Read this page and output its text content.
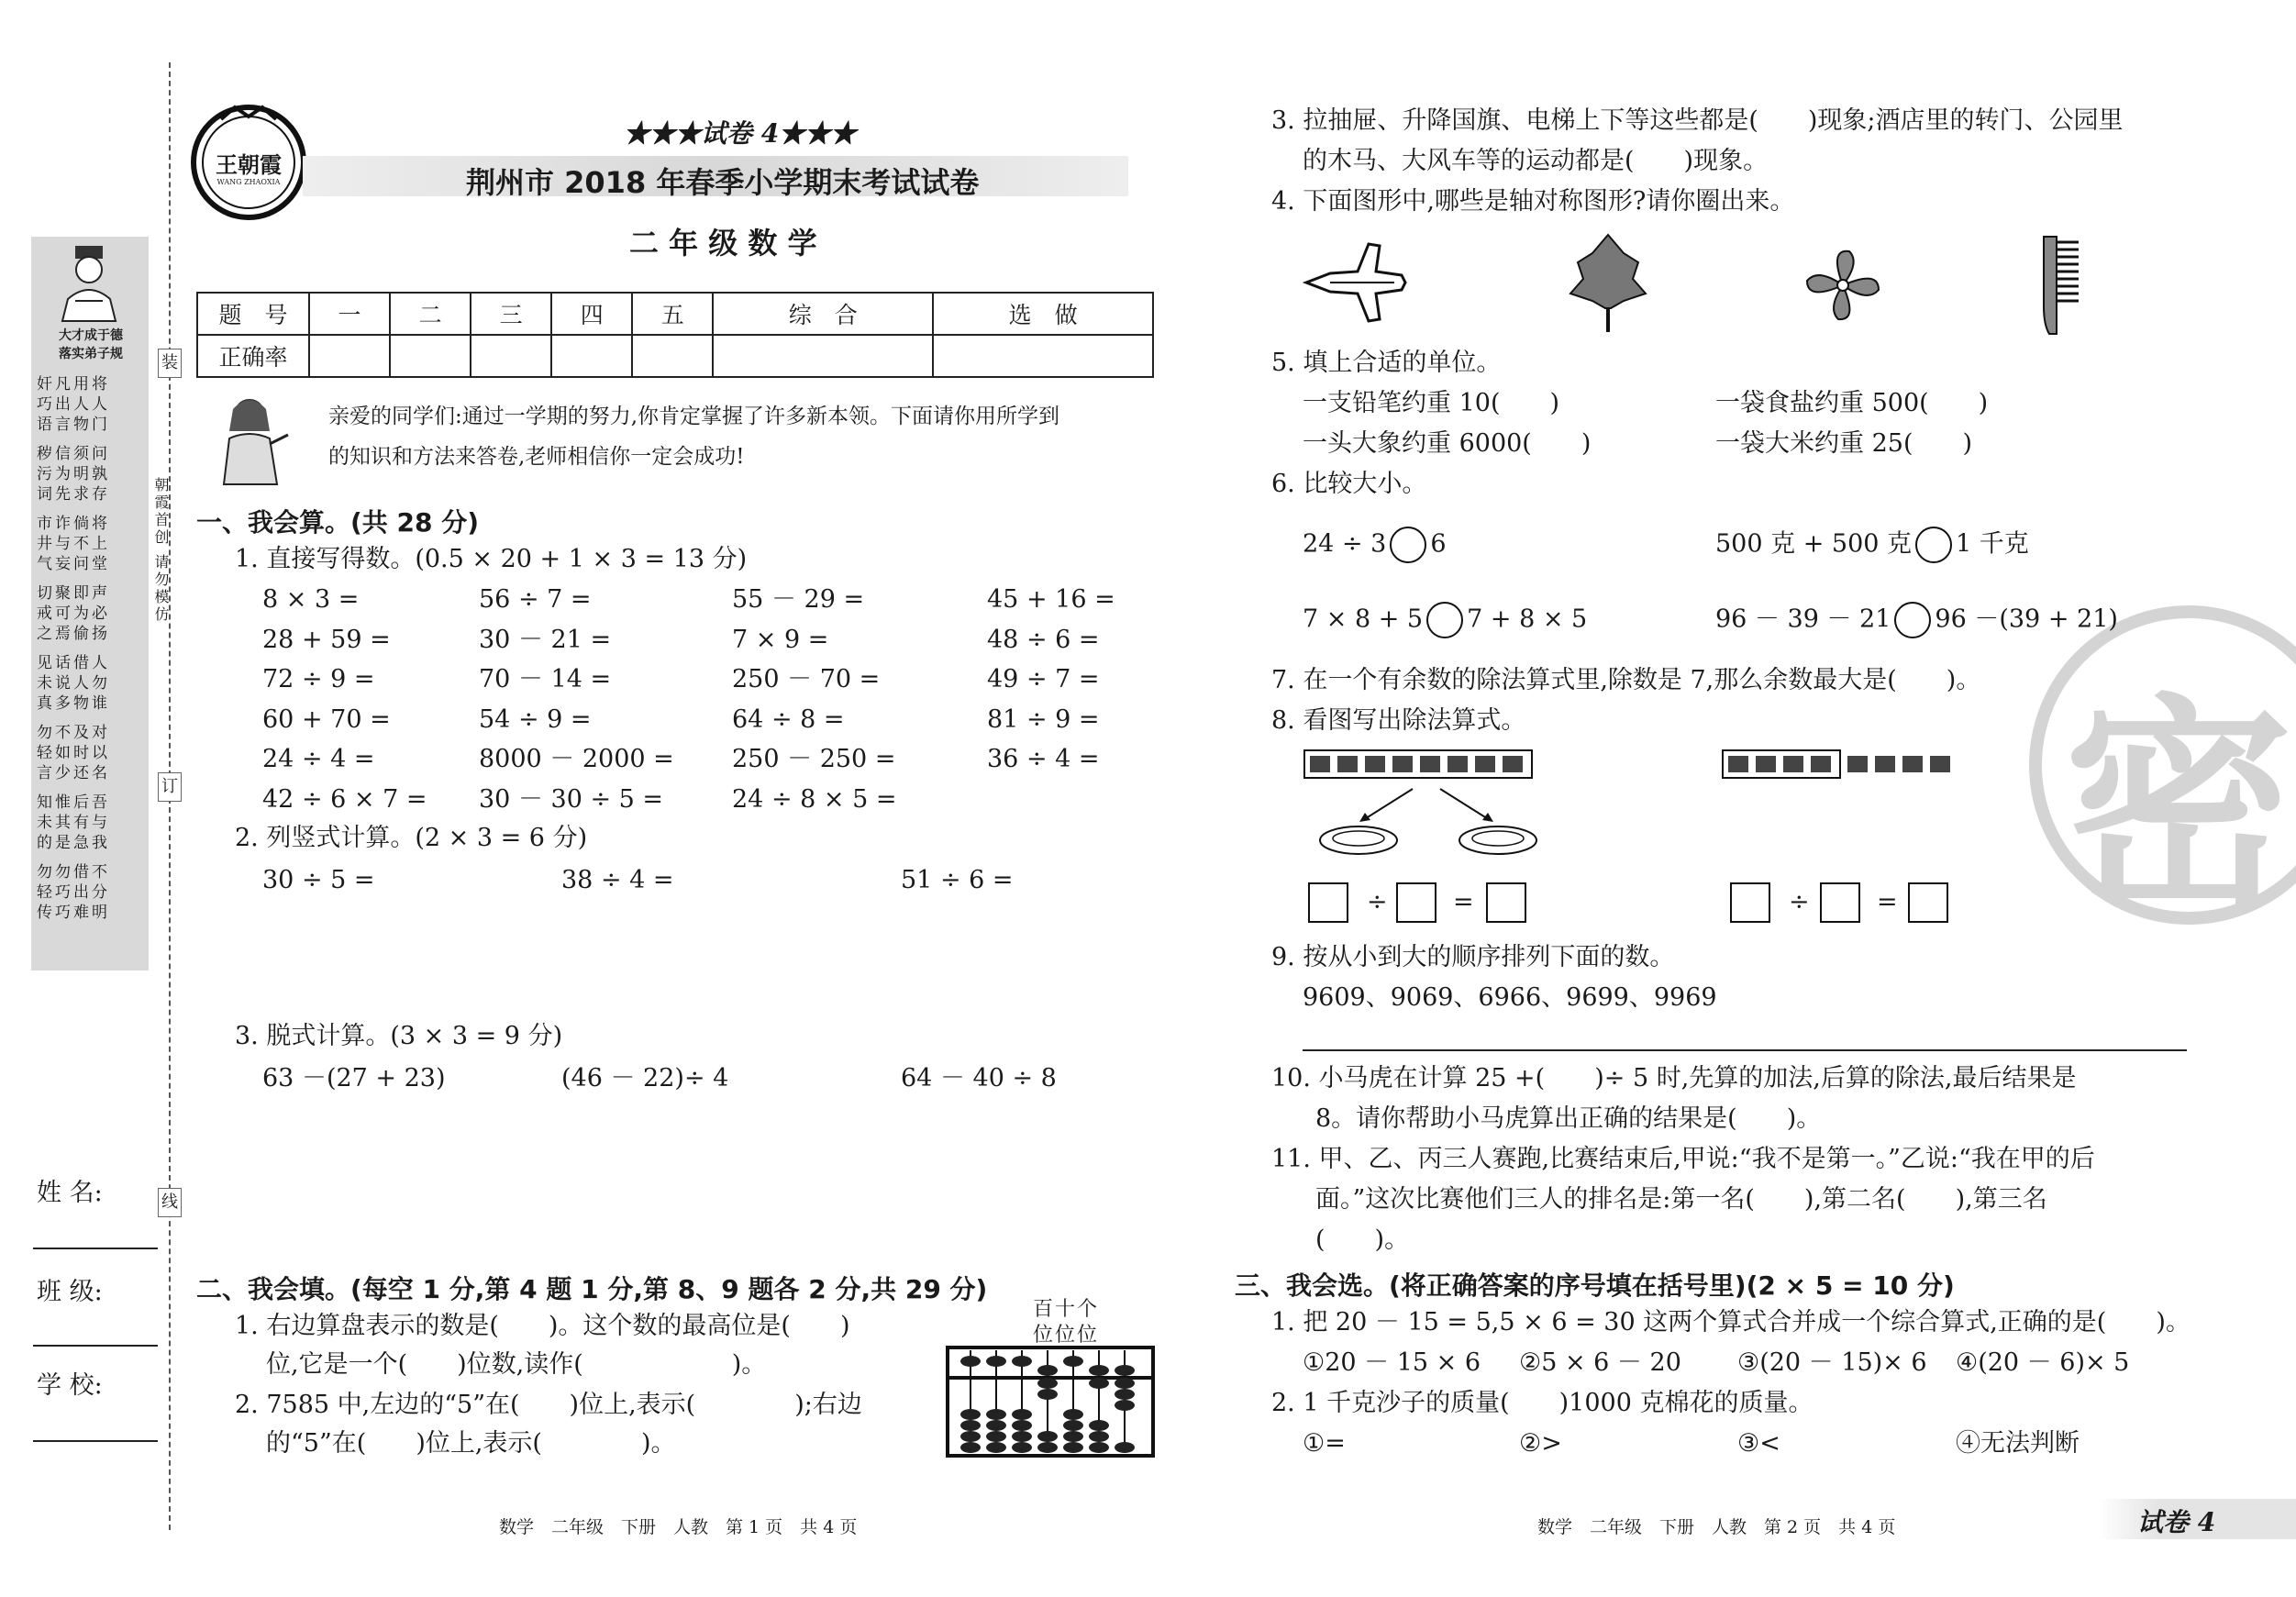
大才成于德
落实弟子规
奸凡用将
巧出人人
语言物门
秽信须问
污为明孰
词先求存
市诈倘将
井与不上
气妄问堂
切聚即声
戒可为必
之焉偷扬
见话借人
未说人勿
真多物谁
勿不及对
轻如时以
言少还名
知惟后吾
未其有与
的是急我
勿勿借不
轻巧出分
传巧难明
姓 名:
班 级:
学 校:
装
订
线
朝霞首创 请勿模仿
王朝霞
WANG ZHAOXIA
★★★试卷 4★★★
荆州市 2018 年春季小学期末考试试卷
二 年 级 数 学
题　号	一	二	三	四	五	综　合	选　做
正确率							
亲爱的同学们:通过一学期的努力,你肯定掌握了许多新本领。下面请你用所学到
的知识和方法来答卷,老师相信你一定会成功!
一、我会算。(共 28 分)
1. 直接写得数。(0.5 × 20 + 1 × 3 = 13 分)
8 × 3 =	56 ÷ 7 =	55 － 29 =	45 + 16 =
28 + 59 =	30 － 21 =	7 × 9 =	48 ÷ 6 =
72 ÷ 9 =	70 － 14 =	250 － 70 =	49 ÷ 7 =
60 + 70 =	54 ÷ 9 =	64 ÷ 8 =	81 ÷ 9 =
24 ÷ 4 =	8000 － 2000 = 250 － 250 =	36 ÷ 4 =
42 ÷ 6 × 7 = 30 － 30 ÷ 5 =	24 ÷ 8 × 5 =
2. 列竖式计算。(2 × 3 = 6 分)
30 ÷ 5 =	38 ÷ 4 =	51 ÷ 6 =
3. 脱式计算。(3 × 3 = 9 分)
63 －(27 + 23)	(46 － 22)÷ 4	64 － 40 ÷ 8
二、我会填。(每空 1 分,第 4 题 1 分,第 8、9 题各 2 分,共 29 分)
1. 右边算盘表示的数是(　　)。这个数的最高位是(　　)
位,它是一个(　　)位数,读作(　　　　　　)。
2. 7585 中,左边的“5”在(　　)位上,表示(　　　　);右边
的“5”在(　　)位上,表示(　　　　)。
百十个
位位位
数学　二年级　下册　人教　第 1 页　共 4 页
密
3. 拉抽屉、升降国旗、电梯上下等这些都是(　　)现象;酒店里的转门、公园里
的木马、大风车等的运动都是(　　)现象。
4. 下面图形中,哪些是轴对称图形?请你圈出来。
5. 填上合适的单位。
一支铅笔约重 10(　　)	一袋食盐约重 500(　　)
一头大象约重 6000(　　)	一袋大米约重 25(　　)
6. 比较大小。
24 ÷ 3 6	500 克 + 500 克 1 千克
7 × 8 + 5 7 + 8 × 5	96 － 39 － 21 96 －(39 + 21)
7. 在一个有余数的除法算式里,除数是 7,那么余数最大是(　　)。
8. 看图写出除法算式。
÷	=	÷	=
9. 按从小到大的顺序排列下面的数。
9609、9069、6966、9699、9969
10. 小马虎在计算 25 +(　　)÷ 5 时,先算的加法,后算的除法,最后结果是
8。请你帮助小马虎算出正确的结果是(　　)。
11. 甲、乙、丙三人赛跑,比赛结束后,甲说:“我不是第一。”乙说:“我在甲的后
面。”这次比赛他们三人的排名是:第一名(　　),第二名(　　),第三名
(　　)。
三、我会选。(将正确答案的序号填在括号里)(2 × 5 = 10 分)
1. 把 20 － 15 = 5,5 × 6 = 30 这两个算式合并成一个综合算式,正确的是(　　)。
①20 － 15 × 6 ②5 × 6 － 20 ③(20 － 15)× 6 ④(20 － 6)× 5
2. 1 千克沙子的质量(　　)1000 克棉花的质量。
①=	②>	③<	④无法判断
数学　二年级　下册　人教　第 2 页　共 4 页	试卷 4
